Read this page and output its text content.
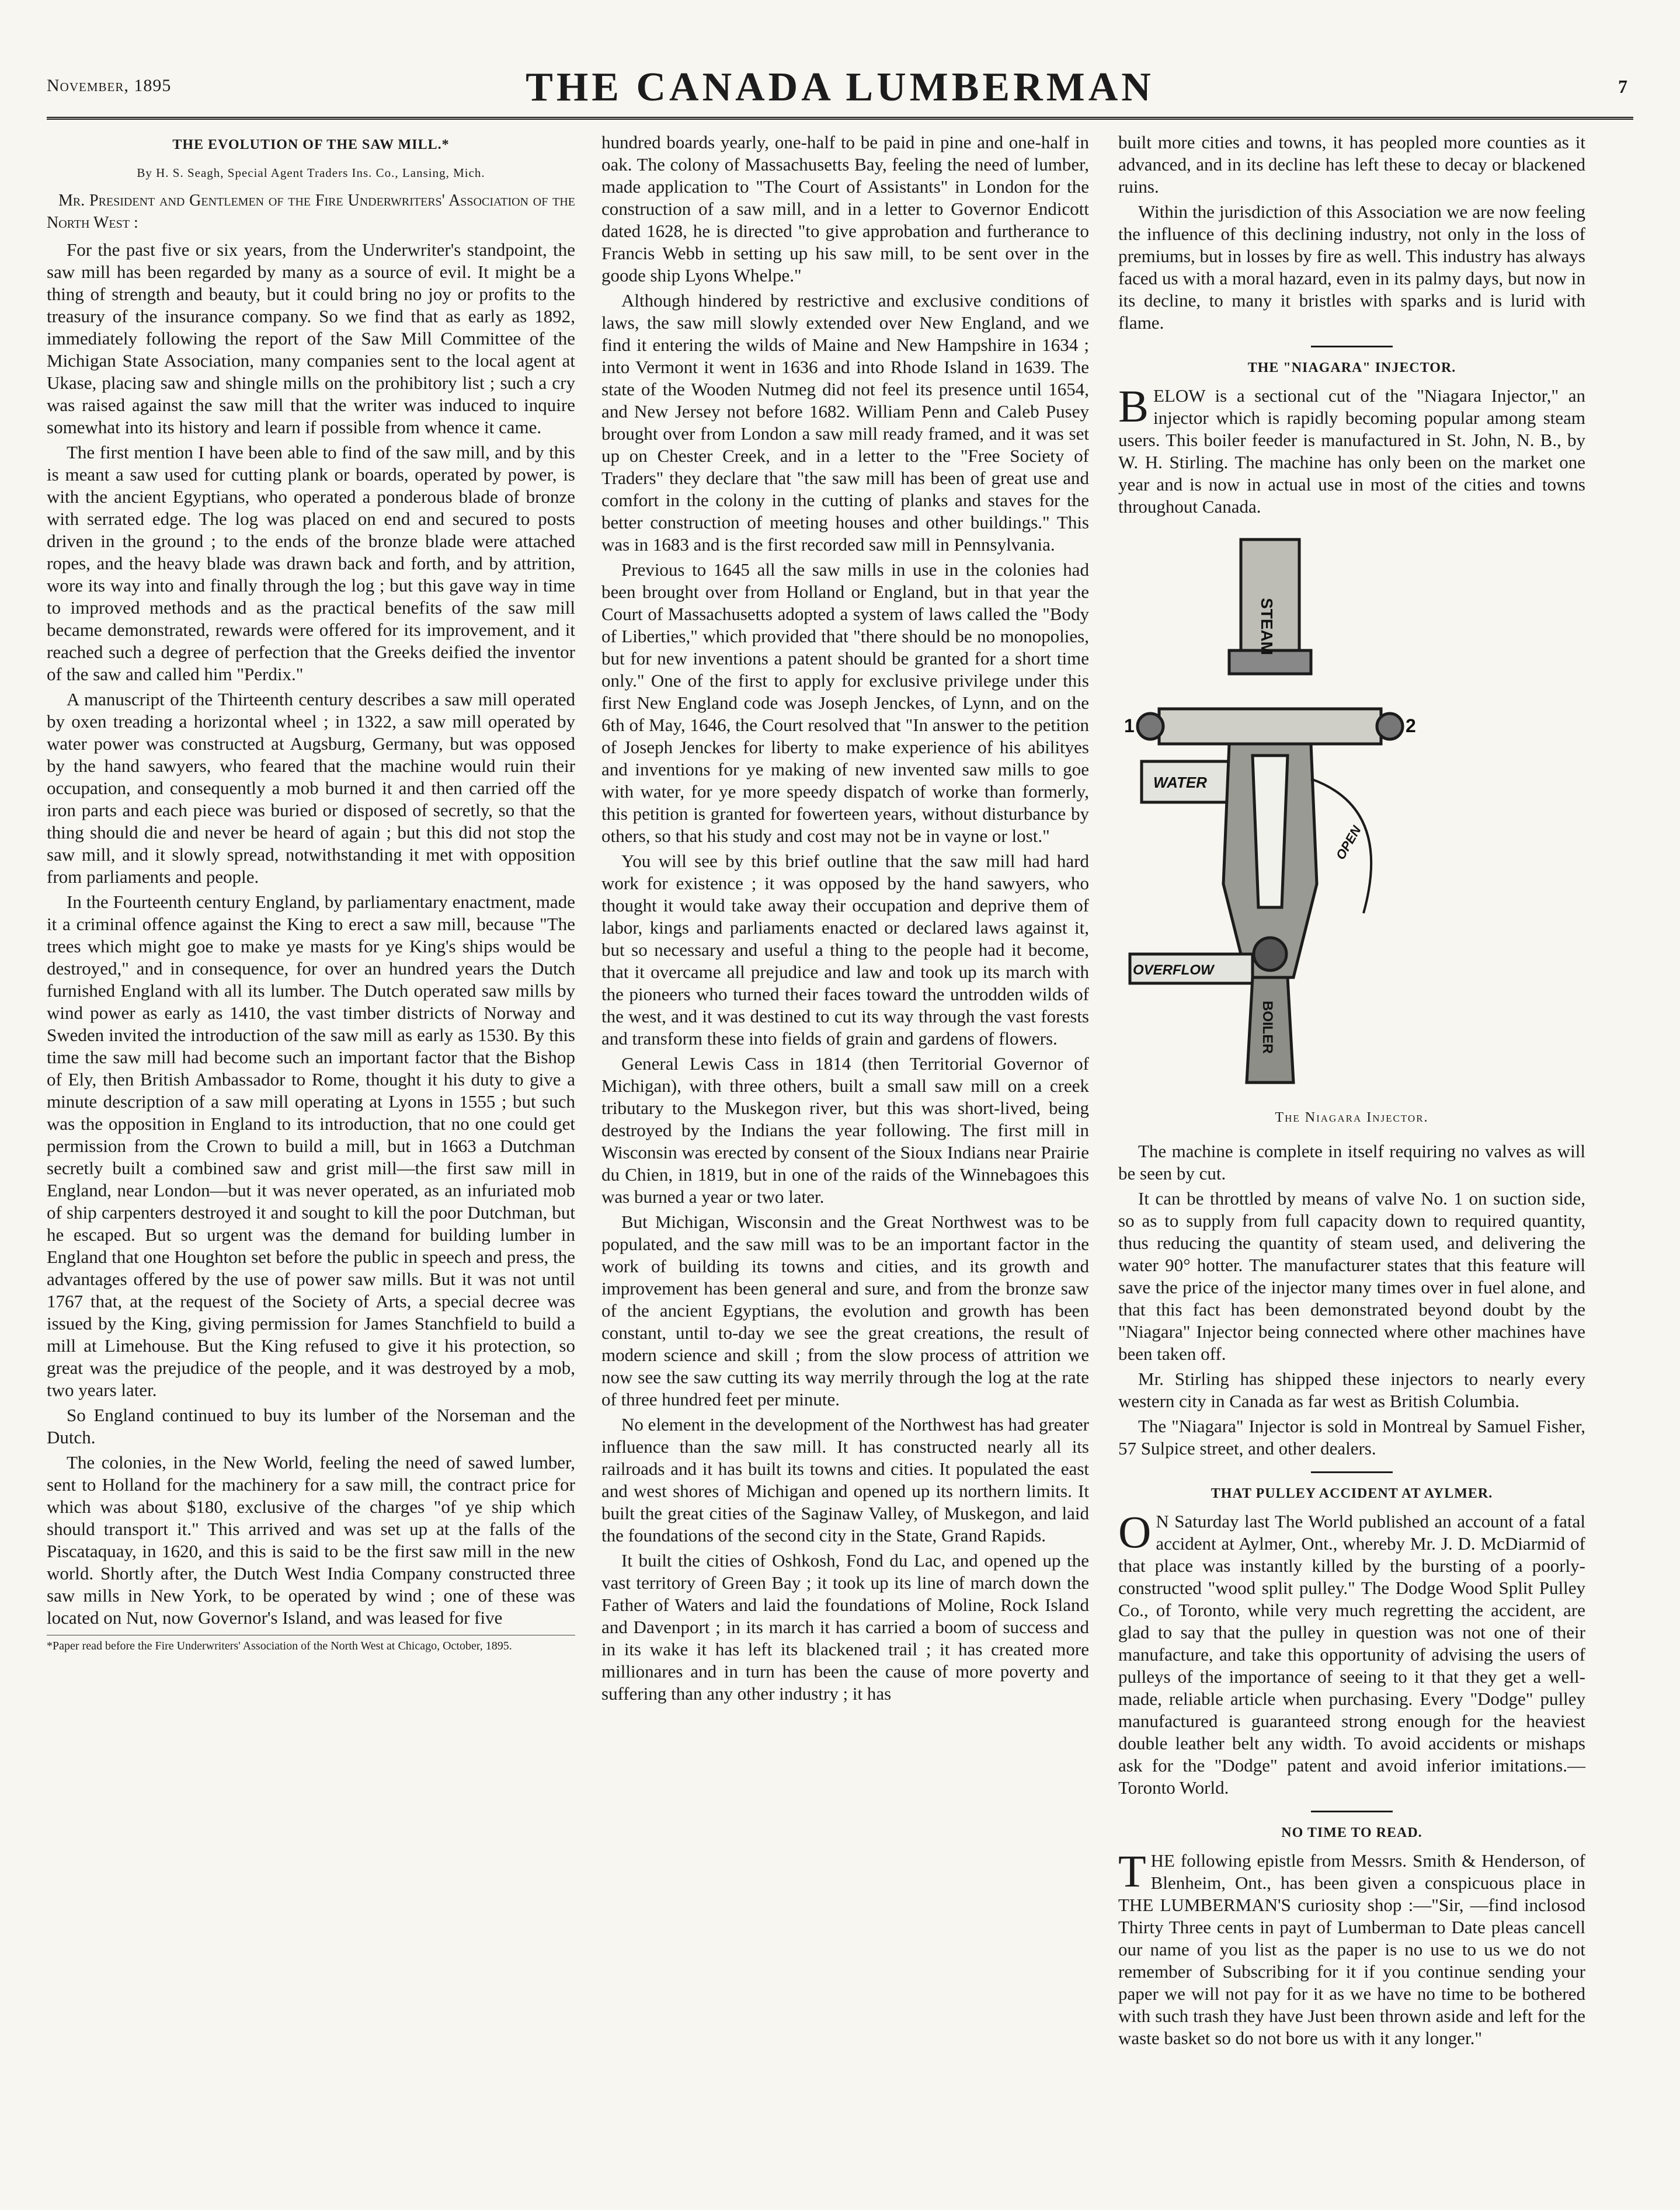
November, 1895	THE CANADA LUMBERMAN	7
THE EVOLUTION OF THE SAW MILL.*
By H. S. Seagh, Special Agent Traders Ins. Co., Lansing, Mich.

Mr. President and Gentlemen of the Fire Underwriters' Association of the North West :

For the past five or six years, from the Underwriter's standpoint, the saw mill has been regarded by many as a source of evil. It might be a thing of strength and beauty, but it could bring no joy or profits to the treasury of the insurance company. So we find that as early as 1892, immediately following the report of the Saw Mill Committee of the Michigan State Association, many companies sent to the local agent at Ukase, placing saw and shingle mills on the prohibitory list ; such a cry was raised against the saw mill that the writer was induced to inquire somewhat into its history and learn if possible from whence it came.

The first mention I have been able to find of the saw mill, and by this is meant a saw used for cutting plank or boards, operated by power, is with the ancient Egyptians, who operated a ponderous blade of bronze with serrated edge. The log was placed on end and secured to posts driven in the ground ; to the ends of the bronze blade were attached ropes, and the heavy blade was drawn back and forth, and by attrition, wore its way into and finally through the log ; but this gave way in time to improved methods and as the practical benefits of the saw mill became demonstrated, rewards were offered for its improvement, and it reached such a degree of perfection that the Greeks deified the inventor of the saw and called him "Perdix."

A manuscript of the Thirteenth century describes a saw mill operated by oxen treading a horizontal wheel ; in 1322, a saw mill operated by water power was constructed at Augsburg, Germany, but was opposed by the hand sawyers, who feared that the machine would ruin their occupation, and consequently a mob burned it and then carried off the iron parts and each piece was buried or disposed of secretly, so that the thing should die and never be heard of again ; but this did not stop the saw mill, and it slowly spread, notwithstanding it met with opposition from parliaments and people.

In the Fourteenth century England, by parliamentary enactment, made it a criminal offence against the King to erect a saw mill, because "The trees which might goe to make ye masts for ye King's ships would be destroyed," and in consequence, for over an hundred years the Dutch furnished England with all its lumber. The Dutch operated saw mills by wind power as early as 1410, the vast timber districts of Norway and Sweden invited the introduction of the saw mill as early as 1530. By this time the saw mill had become such an important factor that the Bishop of Ely, then British Ambassador to Rome, thought it his duty to give a minute description of a saw mill operating at Lyons in 1555 ; but such was the opposition in England to its introduction, that no one could get permission from the Crown to build a mill, but in 1663 a Dutchman secretly built a combined saw and grist mill—the first saw mill in England, near London—but it was never operated, as an infuriated mob of ship carpenters destroyed it and sought to kill the poor Dutchman, but he escaped. But so urgent was the demand for building lumber in England that one Houghton set before the public in speech and press, the advantages offered by the use of power saw mills. But it was not until 1767 that, at the request of the Society of Arts, a special decree was issued by the King, giving permission for James Stanchfield to build a mill at Limehouse. But the King refused to give it his protection, so great was the prejudice of the people, and it was destroyed by a mob, two years later.

So England continued to buy its lumber of the Norseman and the Dutch.

The colonies, in the New World, feeling the need of sawed lumber, sent to Holland for the machinery for a saw mill, the contract price for which was about $180, exclusive of the charges "of ye ship which should transport it." This arrived and was set up at the falls of the Piscataquay, in 1620, and this is said to be the first saw mill in the new world. Shortly after, the Dutch West India Company constructed three saw mills in New York, to be operated by wind ; one of these was located on Nut, now Governor's Island, and was leased for five

*Paper read before the Fire Underwriters' Association of the North West at Chicago, October, 1895.

hundred boards yearly, one-half to be paid in pine and one-half in oak. The colony of Massachusetts Bay, feeling the need of lumber, made application to "The Court of Assistants" in London for the construction of a saw mill, and in a letter to Governor Endicott dated 1628, he is directed "to give approbation and furtherance to Francis Webb in setting up his saw mill, to be sent over in the goode ship Lyons Whelpe."

Although hindered by restrictive and exclusive conditions of laws, the saw mill slowly extended over New England, and we find it entering the wilds of Maine and New Hampshire in 1634 ; into Vermont it went in 1636 and into Rhode Island in 1639. The state of the Wooden Nutmeg did not feel its presence until 1654, and New Jersey not before 1682. William Penn and Caleb Pusey brought over from London a saw mill ready framed, and it was set up on Chester Creek, and in a letter to the "Free Society of Traders" they declare that "the saw mill has been of great use and comfort in the colony in the cutting of planks and staves for the better construction of meeting houses and other buildings." This was in 1683 and is the first recorded saw mill in Pennsylvania.

Previous to 1645 all the saw mills in use in the colonies had been brought over from Holland or England, but in that year the Court of Massachusetts adopted a system of laws called the "Body of Liberties," which provided that "there should be no monopolies, but for new inventions a patent should be granted for a short time only." One of the first to apply for exclusive privilege under this first New England code was Joseph Jenckes, of Lynn, and on the 6th of May, 1646, the Court resolved that "In answer to the petition of Joseph Jenckes for liberty to make experience of his abilityes and inventions for ye making of new invented saw mills to goe with water, for ye more speedy dispatch of worke than formerly, this petition is granted for fowerteen years, without disturbance by others, so that his study and cost may not be in vayne or lost."

You will see by this brief outline that the saw mill had hard work for existence ; it was opposed by the hand sawyers, who thought it would take away their occupation and deprive them of labor, kings and parliaments enacted or declared laws against it, but so necessary and useful a thing to the people had it become, that it overcame all prejudice and law and took up its march with the pioneers who turned their faces toward the untrodden wilds of the west, and it was destined to cut its way through the vast forests and transform these into fields of grain and gardens of flowers.

General Lewis Cass in 1814 (then Territorial Governor of Michigan), with three others, built a small saw mill on a creek tributary to the Muskegon river, but this was short-lived, being destroyed by the Indians the year following. The first mill in Wisconsin was erected by consent of the Sioux Indians near Prairie du Chien, in 1819, but in one of the raids of the Winnebagoes this was burned a year or two later.

But Michigan, Wisconsin and the Great Northwest was to be populated, and the saw mill was to be an important factor in the work of building its towns and cities, and its growth and improvement has been general and sure, and from the bronze saw of the ancient Egyptians, the evolution and growth has been constant, until to-day we see the great creations, the result of modern science and skill ; from the slow process of attrition we now see the saw cutting its way merrily through the log at the rate of three hundred feet per minute.

No element in the development of the Northwest has had greater influence than the saw mill. It has constructed nearly all its railroads and it has built its towns and cities. It populated the east and west shores of Michigan and opened up its northern limits. It built the great cities of the Saginaw Valley, of Muskegon, and laid the foundations of the second city in the State, Grand Rapids.

It built the cities of Oshkosh, Fond du Lac, and opened up the vast territory of Green Bay ; it took up its line of march down the Father of Waters and laid the foundations of Moline, Rock Island and Davenport ; in its march it has carried a boom of success and in its wake it has left its blackened trail ; it has created more millionares and in turn has been the cause of more poverty and suffering than any other industry ; it has

built more cities and towns, it has peopled more counties as it advanced, and in its decline has left these to decay or blackened ruins.

Within the jurisdiction of this Association we are now feeling the influence of this declining industry, not only in the loss of premiums, but in losses by fire as well. This industry has always faced us with a moral hazard, even in its palmy days, but now in its decline, to many it bristles with sparks and is lurid with flame.

THE "NIAGARA" INJECTOR.

BELOW is a sectional cut of the "Niagara Injector," an injector which is rapidly becoming popular among steam users. This boiler feeder is manufactured in St. John, N. B., by W. H. Stirling. The machine has only been on the market one year and is now in actual use in most of the cities and towns throughout Canada.

STEAM
WATER
OPEN
OVERFLOW
BOILER
1	2

The Niagara Injector.

The machine is complete in itself requiring no valves as will be seen by cut.

It can be throttled by means of valve No. 1 on suction side, so as to supply from full capacity down to required quantity, thus reducing the quantity of steam used, and delivering the water 90° hotter. The manufacturer states that this feature will save the price of the injector many times over in fuel alone, and that this fact has been demonstrated beyond doubt by the "Niagara" Injector being connected where other machines have been taken off.

Mr. Stirling has shipped these injectors to nearly every western city in Canada as far west as British Columbia.

The "Niagara" Injector is sold in Montreal by Samuel Fisher, 57 Sulpice street, and other dealers.

THAT PULLEY ACCIDENT AT AYLMER.

O N Saturday last The World published an account of a fatal accident at Aylmer, Ont., whereby Mr. J. D. McDiarmid of that place was instantly killed by the bursting of a poorly-constructed "wood split pulley." The Dodge Wood Split Pulley Co., of Toronto, while very much regretting the accident, are glad to say that the pulley in question was not one of their manufacture, and take this opportunity of advising the users of pulleys of the importance of seeing to it that they get a well-made, reliable article when purchasing. Every "Dodge" pulley manufactured is guaranteed strong enough for the heaviest double leather belt any width. To avoid accidents or mishaps ask for the "Dodge" patent and avoid inferior imitations.—Toronto World.

NO TIME TO READ.

THE following epistle from Messrs. Smith & Henderson, of Blenheim, Ont., has been given a conspicuous place in THE LUMBERMAN'S curiosity shop :—"Sir, —find inclosod Thirty Three cents in payt of Lumberman to Date pleas cancell our name of you list as the paper is no use to us we do not remember of Subscribing for it if you continue sending your paper we will not pay for it as we have no time to be bothered with such trash they have Just been thrown aside and left for the waste basket so do not bore us with it any longer."
